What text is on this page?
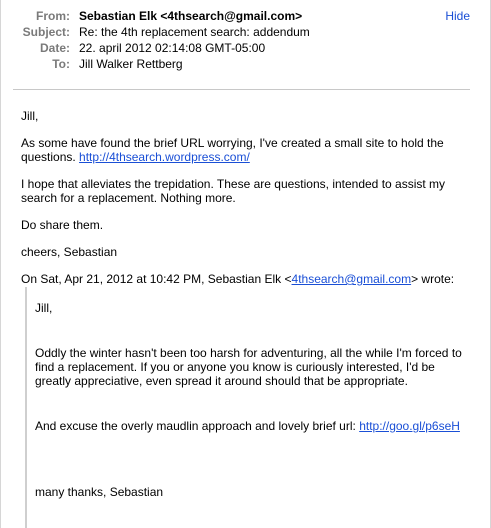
From: Sebastian Elk <4thsearch@gmail.com>	Hide
Subject: Re: the 4th replacement search: addendum
Date: 22. april 2012 02:14:08 GMT-05:00
To: Jill Walker Rettberg

Jill,

As some have found the brief URL worrying, I've created a small site to hold the questions. http://4thsearch.wordpress.com/

I hope that alleviates the trepidation. These are questions, intended to assist my
search for a replacement. Nothing more.

Do share them.

cheers, Sebastian

On Sat, Apr 21, 2012 at 10:42 PM, Sebastian Elk <4thsearch@gmail.com> wrote:

Jill,

Oddly the winter hasn't been too harsh for adventuring, all the while I'm forced to
find a replacement. If you or anyone you know is curiously interested, I'd be
greatly appreciative, even spread it around should that be appropriate.

And excuse the overly maudlin approach and lovely brief url: http://goo.gl/p6seH

many thanks, Sebastian
